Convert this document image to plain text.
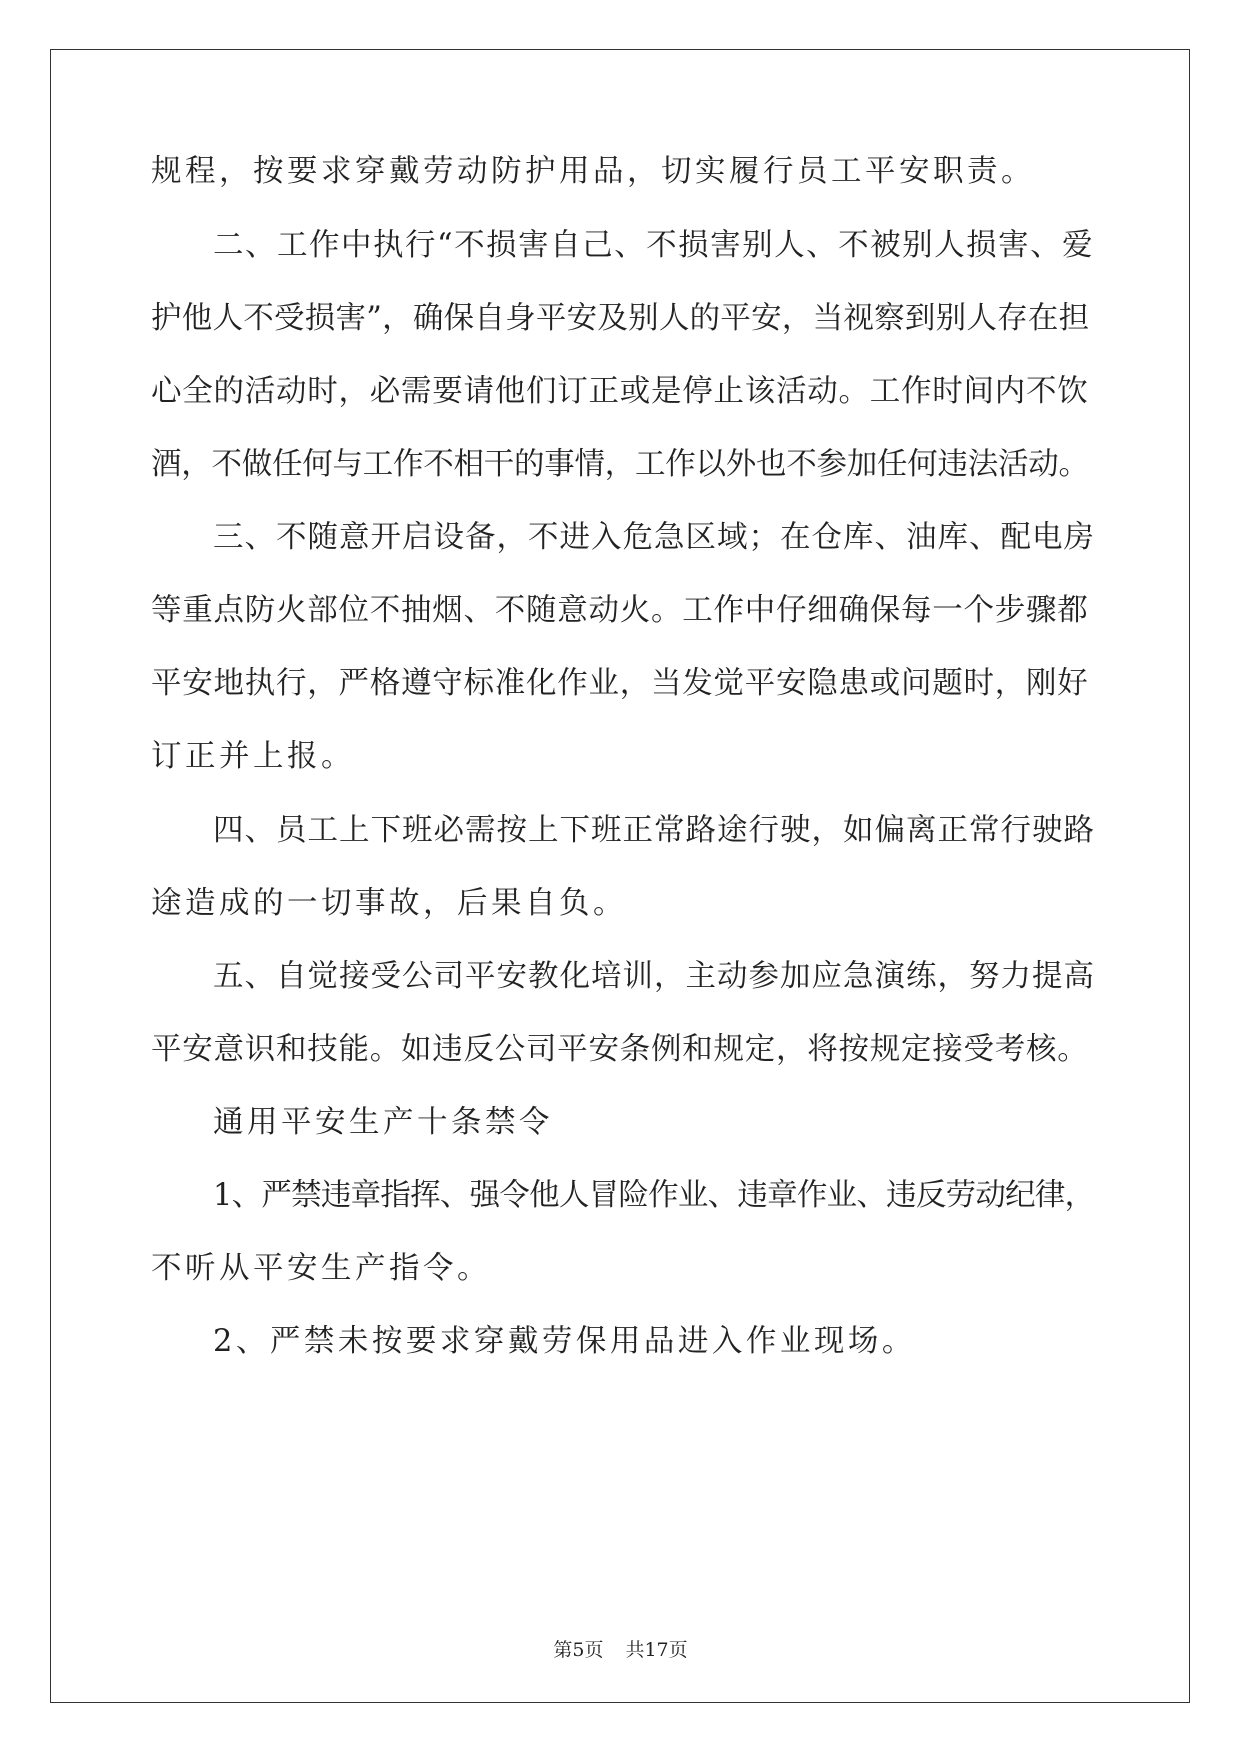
规程，按要求穿戴劳动防护用品，切实履行员工平安职责。
二、工作中执行“不损害自己、不损害别人、不被别人损害、爱
护他人不受损害”，确保自身平安及别人的平安，当视察到别人存在担
心全的活动时，必需要请他们订正或是停止该活动。工作时间内不饮
酒，不做任何与工作不相干的事情，工作以外也不参加任何违法活动。
三、不随意开启设备，不进入危急区域；在仓库、油库、配电房
等重点防火部位不抽烟、不随意动火。工作中仔细确保每一个步骤都
平安地执行，严格遵守标准化作业，当发觉平安隐患或问题时，刚好
订正并上报。
四、员工上下班必需按上下班正常路途行驶，如偏离正常行驶路
途造成的一切事故，后果自负。
五、自觉接受公司平安教化培训，主动参加应急演练，努力提高
平安意识和技能。如违反公司平安条例和规定，将按规定接受考核。
通用平安生产十条禁令
1、严禁违章指挥、强令他人冒险作业、违章作业、违反劳动纪律，
不听从平安生产指令。
2、严禁未按要求穿戴劳保用品进入作业现场。
第5页 共17页
